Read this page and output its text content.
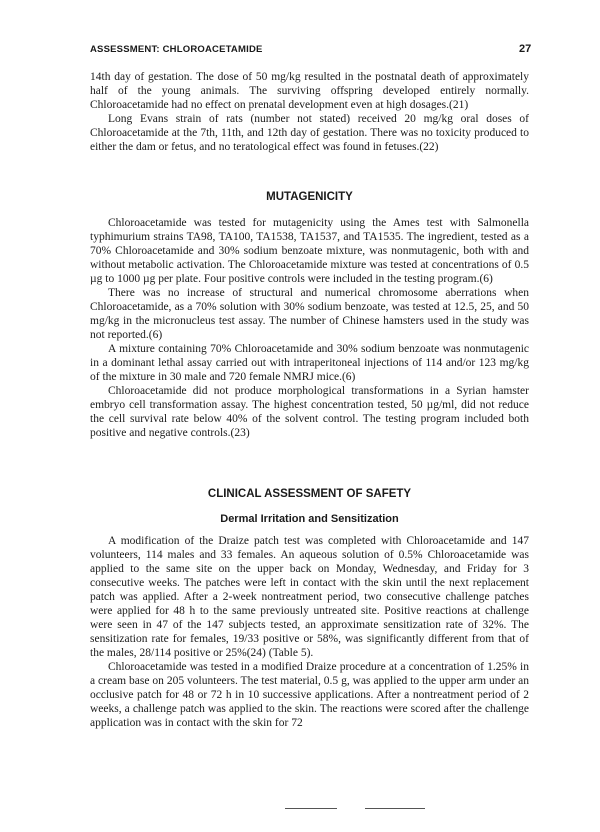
ASSESSMENT: CHLOROACETAMIDE	27

14th day of gestation. The dose of 50 mg/kg resulted in the postnatal death of approximately half of the young animals. The surviving offspring developed entirely normally. Chloroacetamide had no effect on prenatal development even at high dosages.(21)

Long Evans strain of rats (number not stated) received 20 mg/kg oral doses of Chloroacetamide at the 7th, 11th, and 12th day of gestation. There was no toxicity produced to either the dam or fetus, and no teratological effect was found in fetuses.(22)

MUTAGENICITY

Chloroacetamide was tested for mutagenicity using the Ames test with Salmonella typhimurium strains TA98, TA100, TA1538, TA1537, and TA1535. The ingredient, tested as a 70% Chloroacetamide and 30% sodium benzoate mixture, was nonmutagenic, both with and without metabolic activation. The Chloroacetamide mixture was tested at concentrations of 0.5 µg to 1000 µg per plate. Four positive controls were included in the testing program.(6)

There was no increase of structural and numerical chromosome aberrations when Chloroacetamide, as a 70% solution with 30% sodium benzoate, was tested at 12.5, 25, and 50 mg/kg in the micronucleus test assay. The number of Chinese hamsters used in the study was not reported.(6)

A mixture containing 70% Chloroacetamide and 30% sodium benzoate was nonmutagenic in a dominant lethal assay carried out with intraperitoneal injections of 114 and/or 123 mg/kg of the mixture in 30 male and 720 female NMRJ mice.(6)

Chloroacetamide did not produce morphological transformations in a Syrian hamster embryo cell transformation assay. The highest concentration tested, 50 µg/ml, did not reduce the cell survival rate below 40% of the solvent control. The testing program included both positive and negative controls.(23)

CLINICAL ASSESSMENT OF SAFETY
Dermal Irritation and Sensitization

A modification of the Draize patch test was completed with Chloroacetamide and 147 volunteers, 114 males and 33 females. An aqueous solution of 0.5% Chloroacetamide was applied to the same site on the upper back on Monday, Wednesday, and Friday for 3 consecutive weeks. The patches were left in contact with the skin until the next replacement patch was applied. After a 2-week nontreatment period, two consecutive challenge patches were applied for 48 h to the same previously untreated site. Positive reactions at challenge were seen in 47 of the 147 subjects tested, an approximate sensitization rate of 32%. The sensitization rate for females, 19/33 positive or 58%, was significantly different from that of the males, 28/114 positive or 25%(24) (Table 5).

Chloroacetamide was tested in a modified Draize procedure at a concentration of 1.25% in a cream base on 205 volunteers. The test material, 0.5 g, was applied to the upper arm under an occlusive patch for 48 or 72 h in 10 successive applications. After a nontreatment period of 2 weeks, a challenge patch was applied to the skin. The reactions were scored after the challenge application was in contact with the skin for 72
